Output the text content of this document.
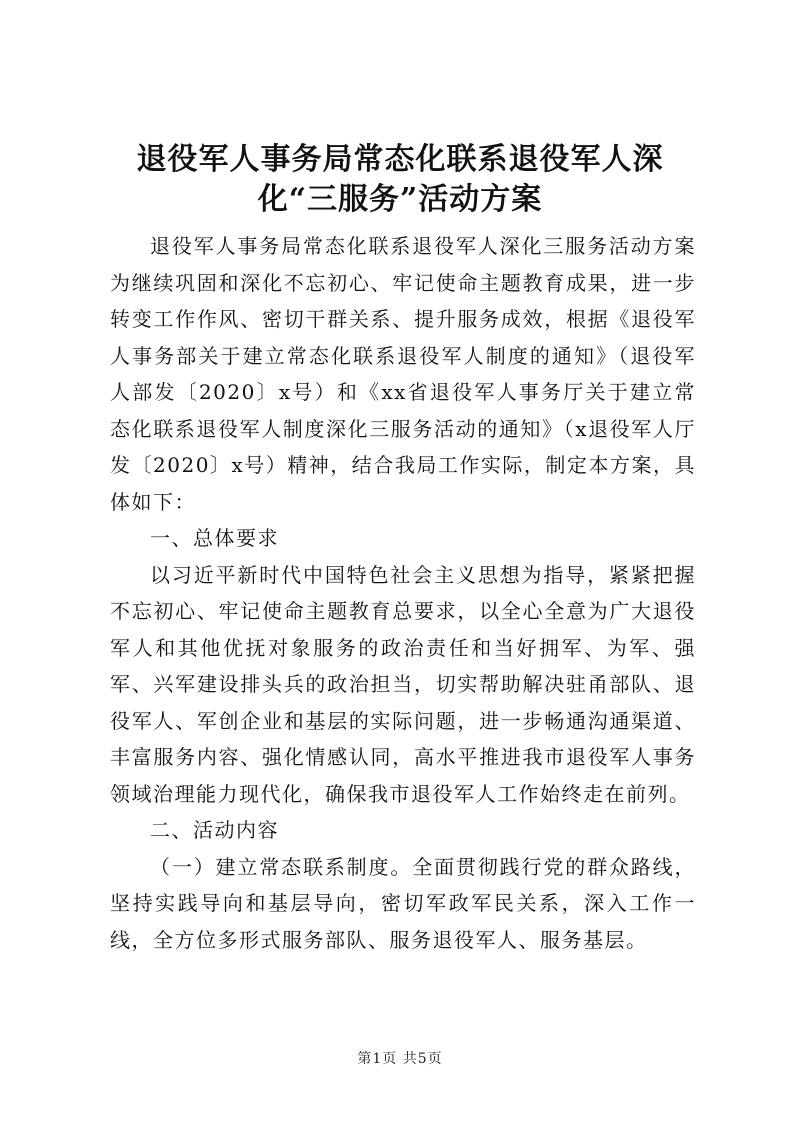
退役军人事务局常态化联系退役军人深化“三服务”活动方案

退役军人事务局常态化联系退役军人深化三服务活动方案为继续巩固和深化不忘初心、牢记使命主题教育成果，进一步转变工作作风、密切干群关系、提升服务成效，根据《退役军人事务部关于建立常态化联系退役军人制度的通知》（退役军人部发〔2020〕x号）和《xx省退役军人事务厅关于建立常态化联系退役军人制度深化三服务活动的通知》（x退役军人厅发〔2020〕x号）精神，结合我局工作实际，制定本方案，具体如下：

一、总体要求

以习近平新时代中国特色社会主义思想为指导，紧紧把握不忘初心、牢记使命主题教育总要求，以全心全意为广大退役军人和其他优抚对象服务的政治责任和当好拥军、为军、强军、兴军建设排头兵的政治担当，切实帮助解决驻甬部队、退役军人、军创企业和基层的实际问题，进一步畅通沟通渠道、丰富服务内容、强化情感认同，高水平推进我市退役军人事务领域治理能力现代化，确保我市退役军人工作始终走在前列。

二、活动内容

（一）建立常态联系制度。全面贯彻践行党的群众路线，坚持实践导向和基层导向，密切军政军民关系，深入工作一线，全方位多形式服务部队、服务退役军人、服务基层。

第1页 共5页
